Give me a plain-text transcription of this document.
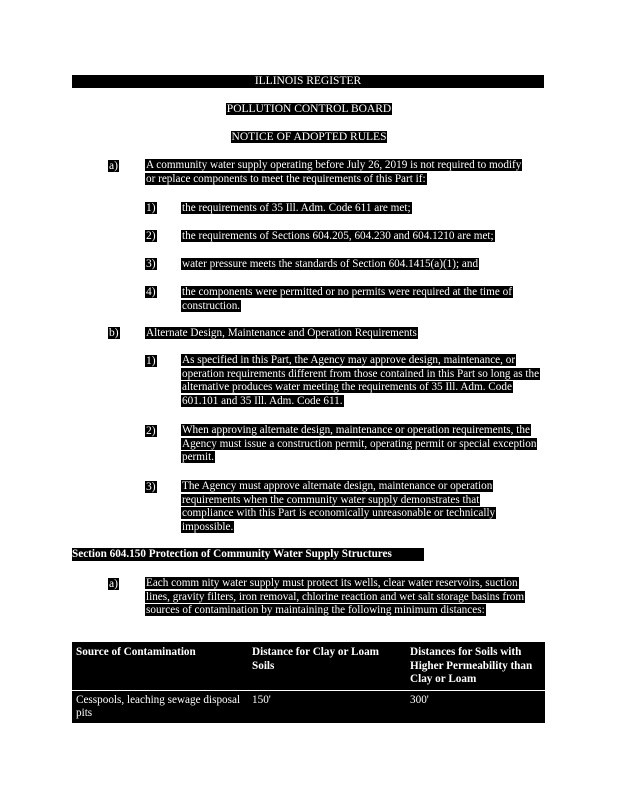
ILLINOIS REGISTER
POLLUTION CONTROL BOARD
NOTICE OF ADOPTED RULES
a)	A community water supply operating before July 26, 2019 is not required to modify or replace components to meet the requirements of this Part if:
1) the requirements of 35 Ill. Adm. Code 611 are met;
2) the requirements of Sections 604.205, 604.230 and 604.1210 are met;
3) water pressure meets the standards of Section 604.1415(a)(1); and
4) the components were permitted or no permits were required at the time of construction.
b) Alternate Design, Maintenance and Operation Requirements
1) As specified in this Part, the Agency may approve design, maintenance, or operation requirements different from those contained in this Part so long as the alternative produces water meeting the requirements of 35 Ill. Adm. Code 601.101 and 35 Ill. Adm. Code 611.
2) When approving alternate design, maintenance or operation requirements, the Agency must issue a construction permit, operating permit or special exception permit.
3) The Agency must approve alternate design, maintenance or operation requirements when the community water supply demonstrates that compliance with this Part is economically unreasonable or technically impossible.
Section 604.150 Protection of Community Water Supply Structures
a)	Each comm nity water supply must protect its wells, clear water reservoirs, suction lines, gravity filters, iron removal, chlorine reaction and wet salt storage basins from sources of contamination by maintaining the following minimum distances:
Source of Contamination	Distance for Clay or Loam Soils	Distances for Soils with Higher Permeability than Clay or Loam
Cesspools, leaching sewage disposal pits	150'	300'
